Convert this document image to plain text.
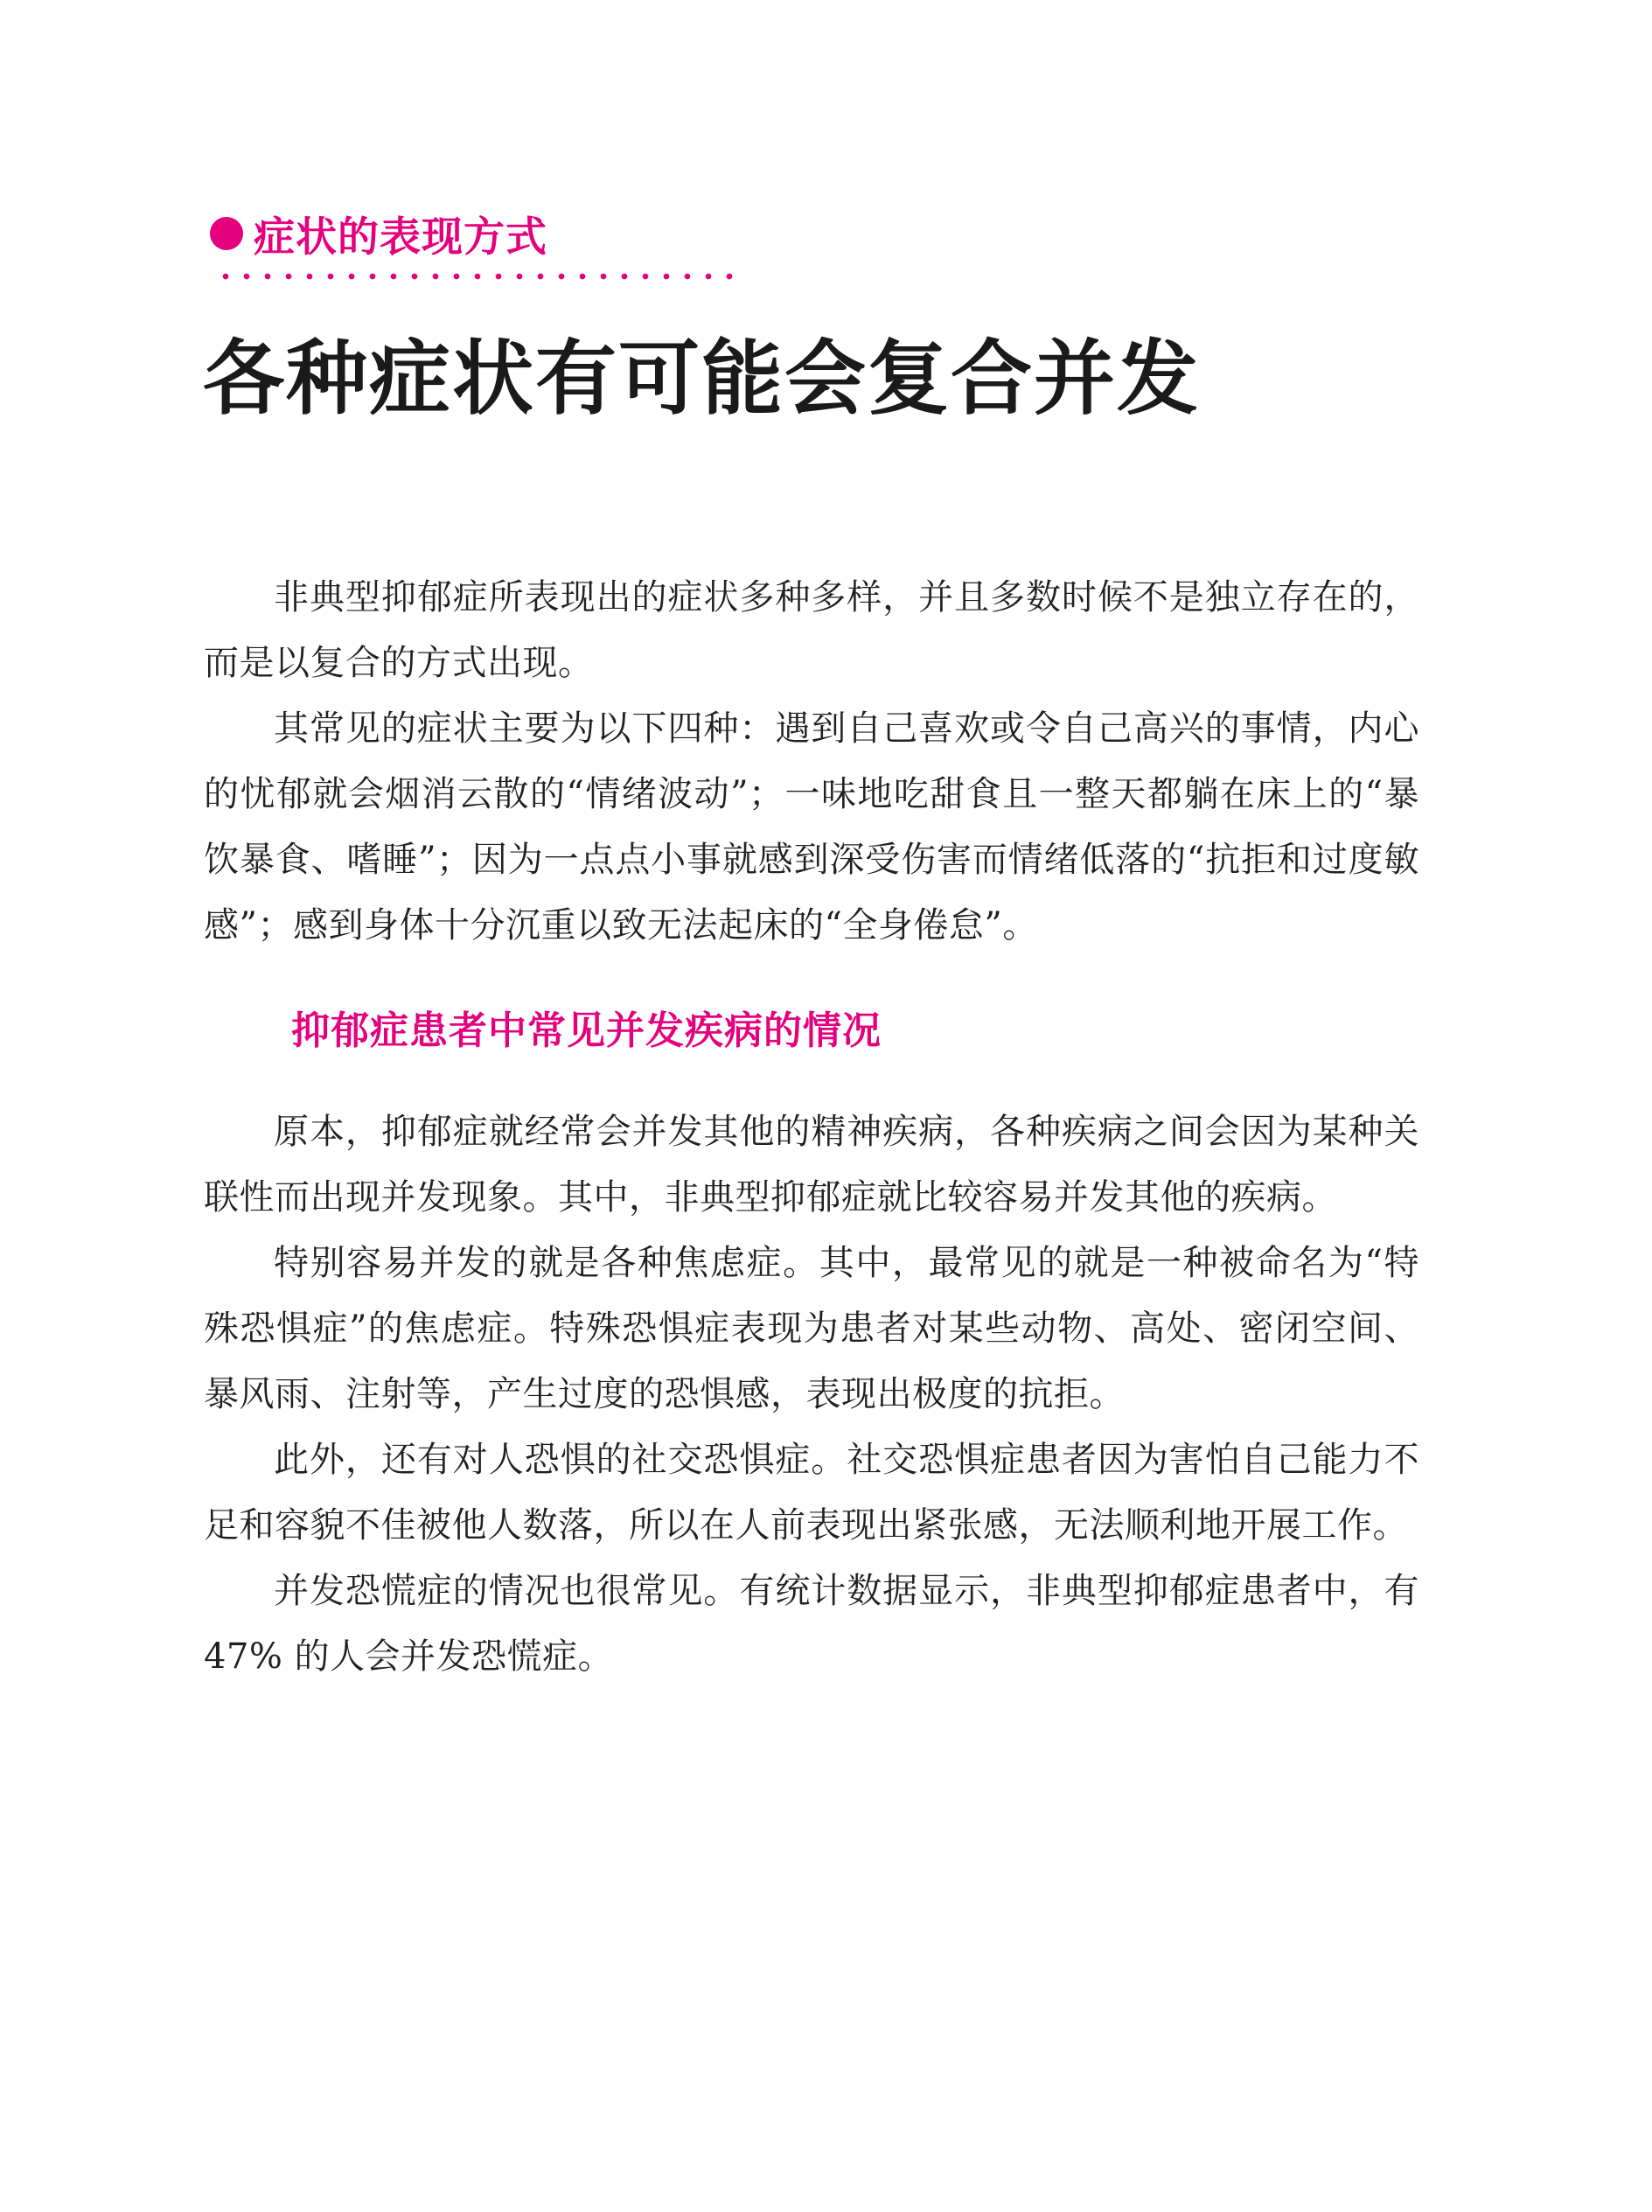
症状的表现方式
各种症状有可能会复合并发

非典型抑郁症所表现出的症状多种多样，并且多数时候不是独立存在的，而是以复合的方式出现。

其常见的症状主要为以下四种：遇到自己喜欢或令自己高兴的事情，内心的忧郁就会烟消云散的“情绪波动”；一味地吃甜食且一整天都躺在床上的“暴饮暴食、嗜睡”；因为一点点小事就感到深受伤害而情绪低落的“抗拒和过度敏感”；感到身体十分沉重以致无法起床的“全身倦怠”。

抑郁症患者中常见并发疾病的情况

原本，抑郁症就经常会并发其他的精神疾病，各种疾病之间会因为某种关联性而出现并发现象。其中，非典型抑郁症就比较容易并发其他的疾病。

特别容易并发的就是各种焦虑症。其中，最常见的就是一种被命名为“特殊恐惧症”的焦虑症。特殊恐惧症表现为患者对某些动物、高处、密闭空间、暴风雨、注射等，产生过度的恐惧感，表现出极度的抗拒。

此外，还有对人恐惧的社交恐惧症。社交恐惧症患者因为害怕自己能力不足和容貌不佳被他人数落，所以在人前表现出紧张感，无法顺利地开展工作。

并发恐慌症的情况也很常见。有统计数据显示，非典型抑郁症患者中，有 47% 的人会并发恐慌症。
